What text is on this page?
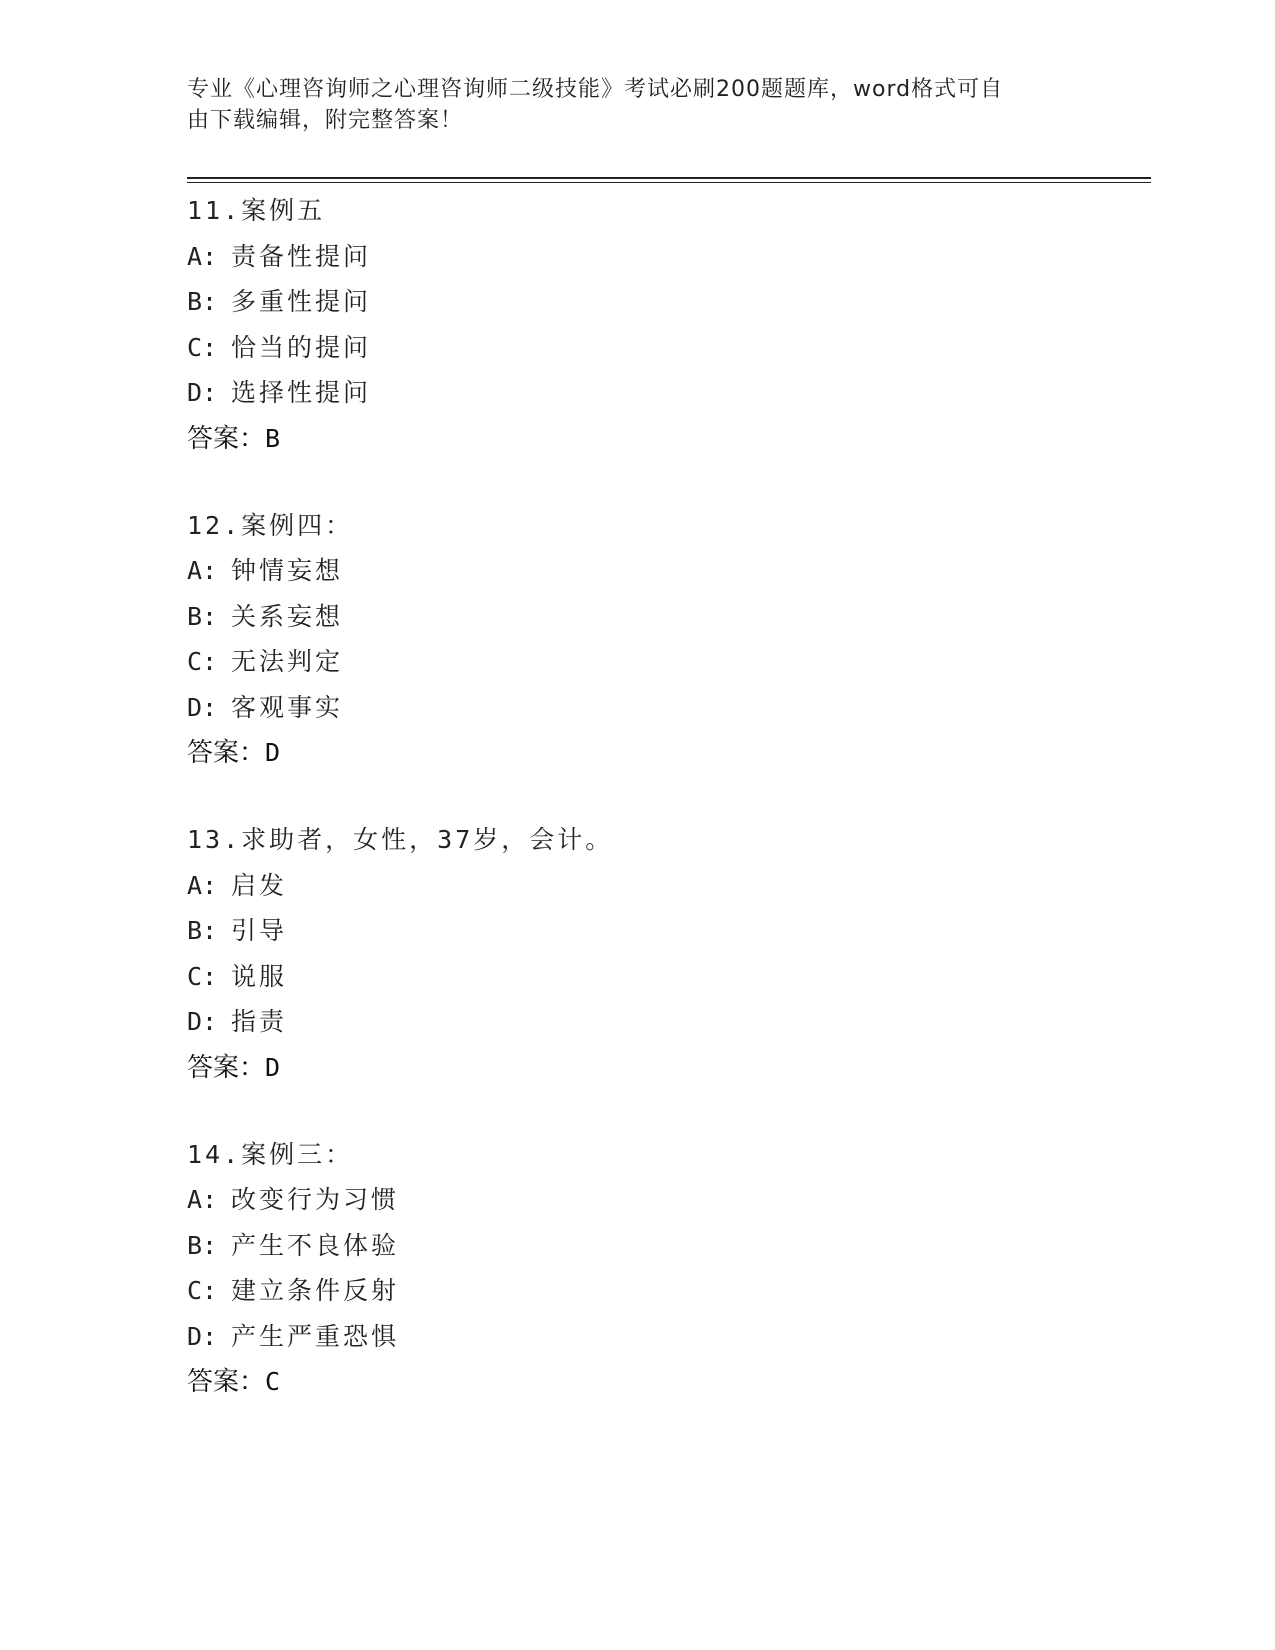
专业《心理咨询师之心理咨询师二级技能》考试必刷200题题库，word格式可自
由下载编辑，附完整答案！
11.案例五
A: 责备性提问
B: 多重性提问
C: 恰当的提问
D: 选择性提问
答案：B
12.案例四：
A: 钟情妄想
B: 关系妄想
C: 无法判定
D: 客观事实
答案：D
13.求助者，女性，37岁，会计。
A: 启发
B: 引导
C: 说服
D: 指责
答案：D
14.案例三：
A: 改变行为习惯
B: 产生不良体验
C: 建立条件反射
D: 产生严重恐惧
答案：C
